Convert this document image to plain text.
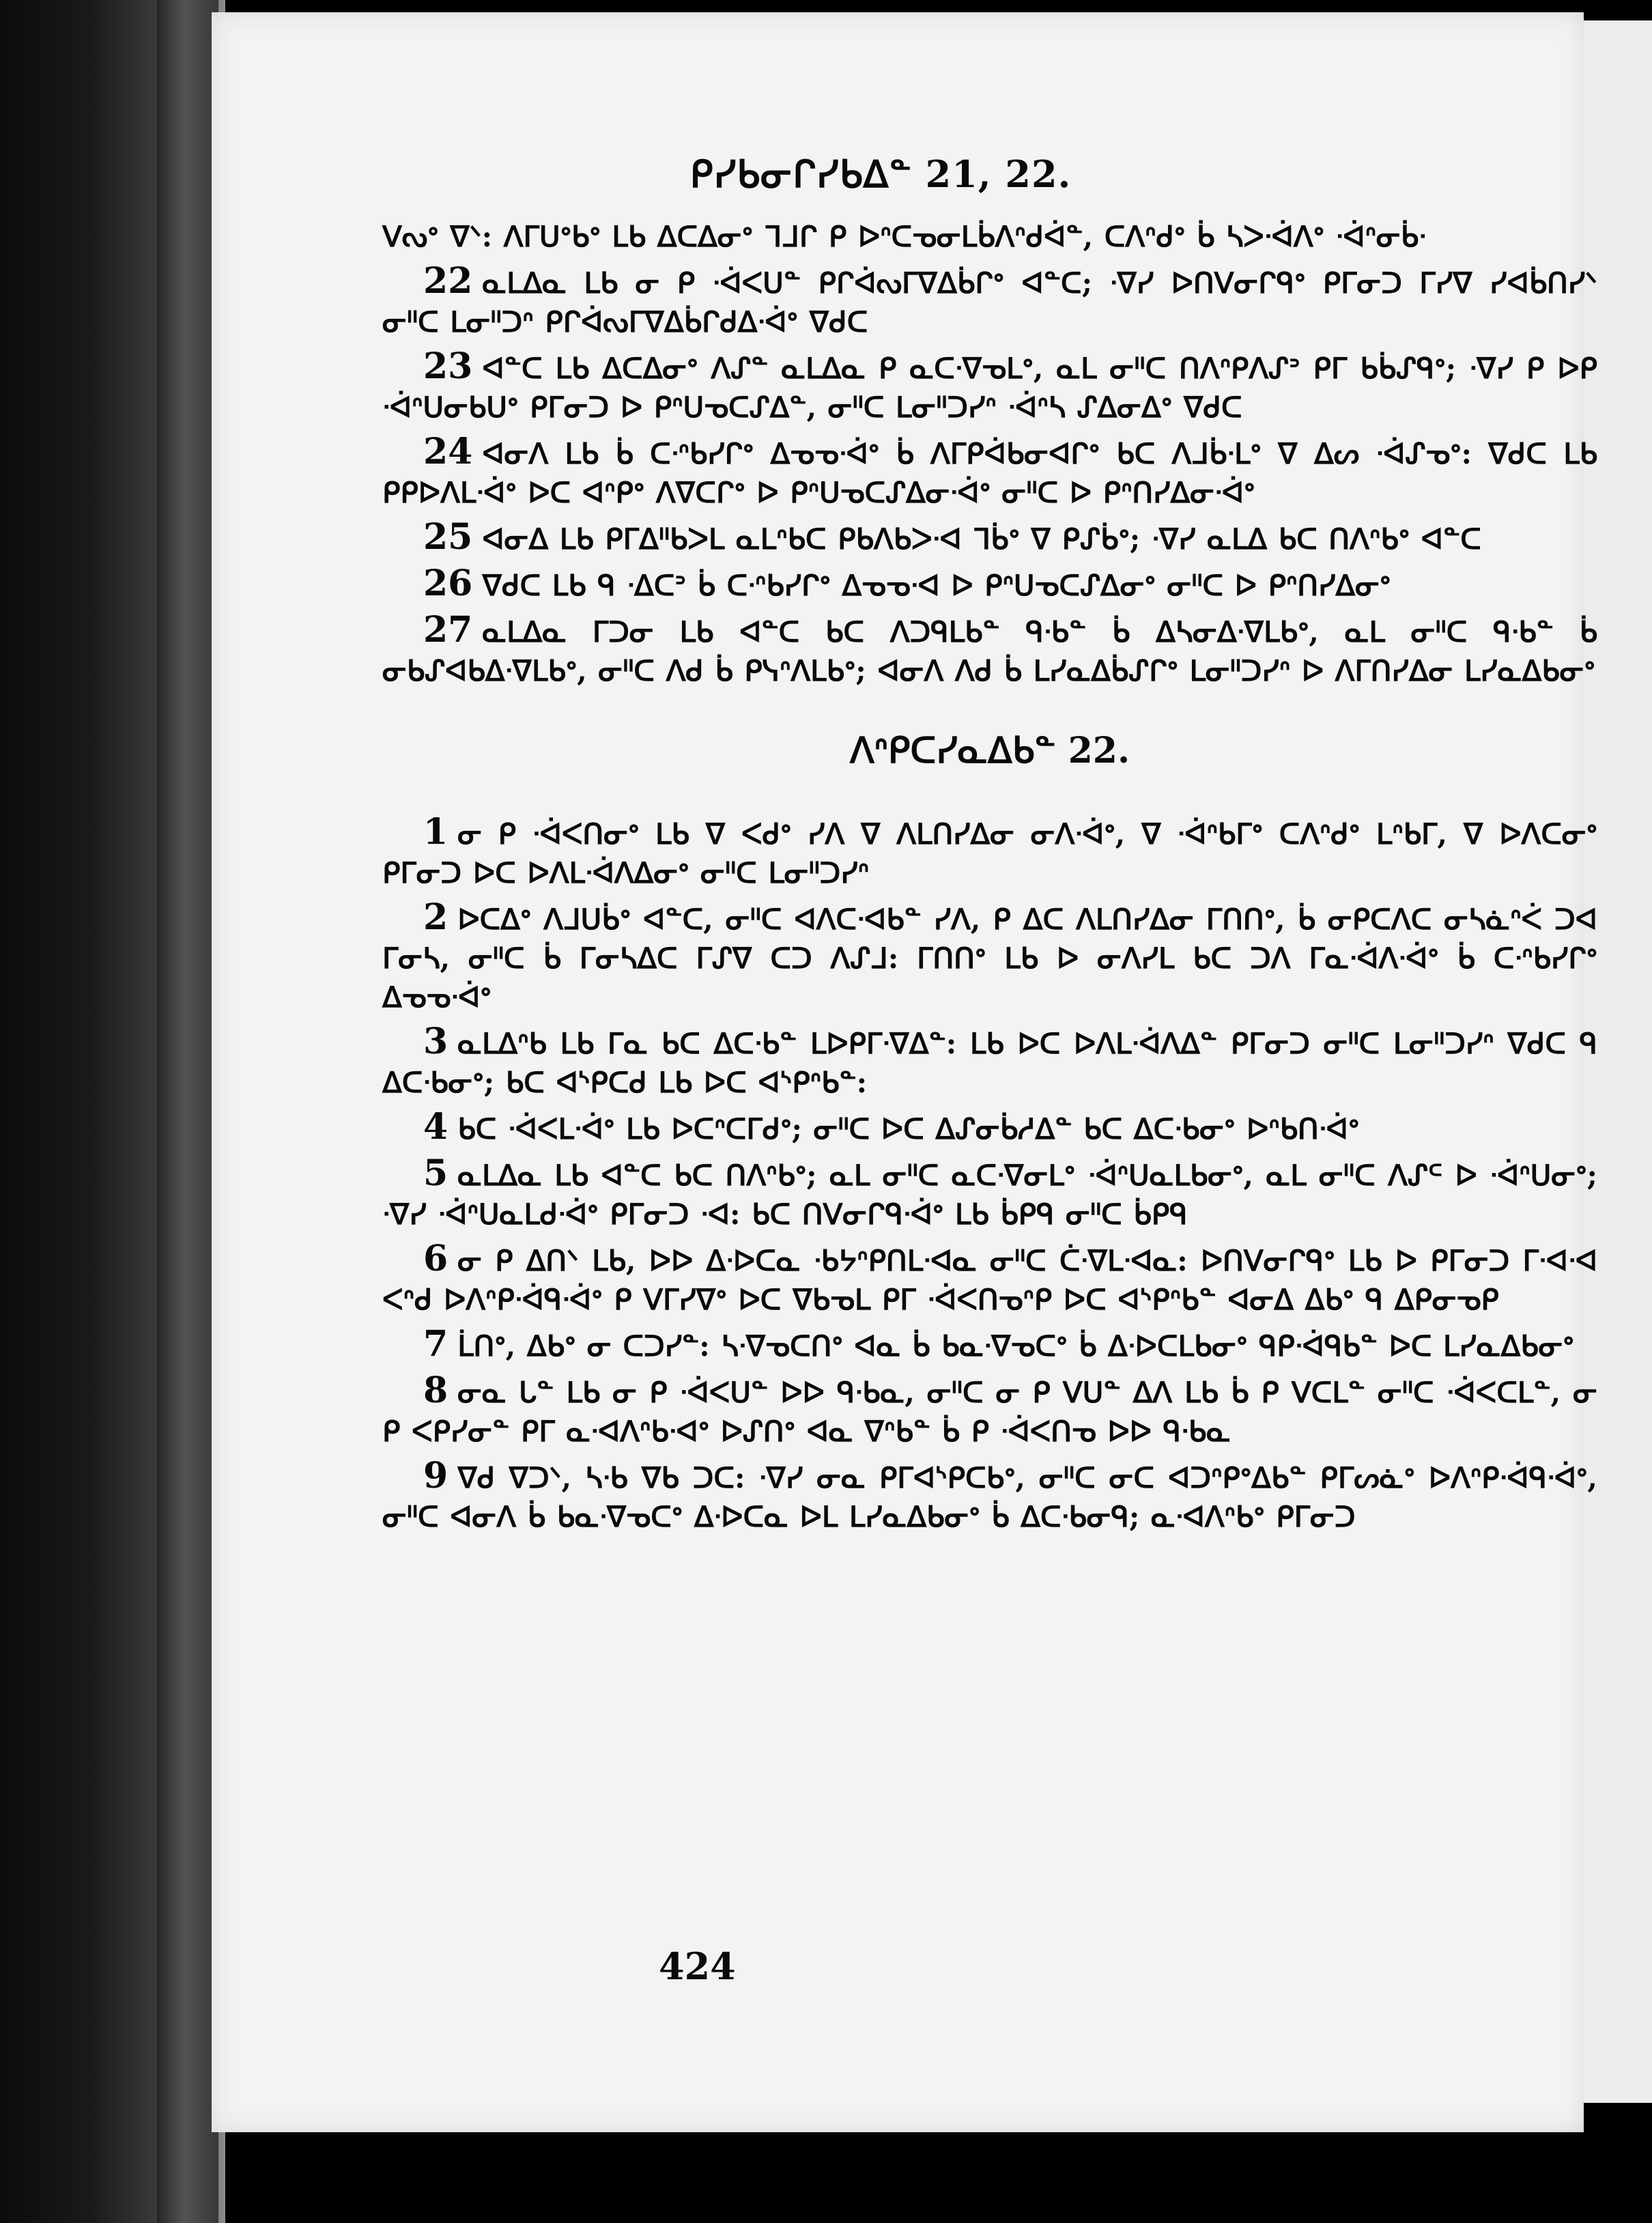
ᑭᓯᑲᓂᒋᓯᑲᐃᓐ 21, 22.

ᐯᔓᐤ ᐁᐠ: ᐱᒥᑌᐤᑲᐤ ᒪᑲ ᐃᑕᐃᓂᐤ ᒣᒧᒋ ᑭ ᐅᐢᑕᓀᓂᒪᑳᐱᐢᑯᐋᓐ, ᑕᐱᐢᑯᐤ ᑳ ᓴᐳᐧᐋᐱᐤ ᐧᐋᐢᓂᑳᐧ

22 ᓇᒪᐃᓇ ᒪᑲ ᓂ ᑭ ᐧᐋᐸᑌᓐ ᑭᒋᐋᔓᒥᐁᐃᑳᒋᐤ ᐊᓐᑕ; ᐧᐁᓯ ᐅᑎᐯᓂᒋᑫᐤ ᑭᒥᓂᑐ ᒥᓯᐁ ᓯᐊᑳᑎᓯᐠ ᓂᐦᑕ ᒪᓂᐦᑐᐢ ᑭᒋᐋᔓᒥᐁᐃᑳᒋᑯᐃᐧᐋᐤ ᐁᑯᑕ

23 ᐊᓐᑕ ᒪᑲ ᐃᑕᐃᓂᐤ ᐱᔑᓐ ᓇᒪᐃᓇ ᑭ ᓇᑕᐧᐁᓀᒪᐤ, ᓇᒪ ᓂᐦᑕ ᑎᐱᐢᑭᐱᔑᐣ ᑭᒥ ᑲᑳᔑᑫᐤ; ᐧᐁᓯ ᑭ ᐅᑭ ᐧᐋᐢᑌᓂᑲᑌᐤ ᑭᒥᓂᑐ ᐅ ᑭᐢᑌᓀᑕᔑᐃᓐ, ᓂᐦᑕ ᒪᓂᐦᑐᓯᐢ ᐧᐋᐢᓴ ᔑᐃᓂᐃᐤ ᐁᑯᑕ

24 ᐊᓂᐱ ᒪᑲ ᑳ ᑕᐧᐢᑲᓯᒋᐤ ᐃᓀᓀᐧᐋᐤ ᑳ ᐱᒥᑭᐋᑲᓂᐊᒋᐤ ᑲᑕ ᐱᒧᑳᐧᒪᐤ ᐁ ᐃᔕ ᐧᐋᔑᓀᐤ: ᐁᑯᑕ ᒪᑲ ᑭᑭᐅᐱᒪᐧᐋᐤ ᐅᑕ ᐊᐢᑭᐤ ᐱᐁᑕᒋᐤ ᐅ ᑭᐢᑌᓀᑕᔑᐃᓂᐧᐋᐤ ᓂᐦᑕ ᐅ ᑭᐢᑎᓯᐃᓂᐧᐋᐤ

25 ᐊᓂᐃ ᒪᑲ ᑭᒥᐃᐦᑲᐳᒪ ᓇᒪᐢᑲᑕ ᑭᑲᐱᑲᐳᐧᐊ ᒣᑳᐤ ᐁ ᑭᔑᑳᐤ; ᐧᐁᓯ ᓇᒪᐃ ᑲᑕ ᑎᐱᐢᑲᐤ ᐊᓐᑕ

26 ᐁᑯᑕ ᒪᑲ ᑫ ᐧᐃᑕᐣ ᑳ ᑕᐧᐢᑲᓯᒋᐤ ᐃᓀᓀᐧᐊ ᐅ ᑭᐢᑌᓀᑕᔑᐃᓂᐤ ᓂᐦᑕ ᐅ ᑭᐢᑎᓯᐃᓂᐤ

27 ᓇᒪᐃᓇ ᒥᑐᓂ ᒪᑲ ᐊᓐᑕ ᑲᑕ ᐱᑐᑫᒪᑲᓐ ᑫᐧᑲᓐ ᑳ ᐃᓴᓂᐃᐧᐁᒪᑲᐤ, ᓇᒪ ᓂᐦᑕ ᑫᐧᑲᓐ ᑳ ᓂᑲᔑᐊᑲᐃᐧᐁᒪᑲᐤ, ᓂᐦᑕ ᐱᑯ ᑳ ᑭᓭᐢᐱᒪᑲᐤ; ᐊᓂᐱ ᐱᑯ ᑳ ᒪᓯᓇᐃᑳᔑᒋᐤ ᒪᓂᐦᑐᓯᐢ ᐅ ᐱᒥᑎᓯᐃᓂ ᒪᓯᓇᐃᑲᓂᐤ

ᐱᐢᑭᑕᓯᓇᐃᑲᓐ 22.

1 ᓂ ᑭ ᐧᐋᐸᑎᓂᐤ ᒪᑲ ᐁ ᐸᑯᐤ ᓯᐱ ᐁ ᐱᒪᑎᓯᐃᓂ ᓂᐱᐧᐋᐤ, ᐁ ᐧᐋᐢᑲᒥᐤ ᑕᐱᐢᑯᐤ ᒪᐢᑲᒥ, ᐁ ᐅᐱᑕᓂᐤ ᑭᒥᓂᑐ ᐅᑕ ᐅᐱᒪᐧᐋᐱᐃᓂᐤ ᓂᐦᑕ ᒪᓂᐦᑐᓯᐢ

2 ᐅᑕᐃᐤ ᐱᒧᑌᑳᐤ ᐊᓐᑕ, ᓂᐦᑕ ᐊᐱᑕᐧᐊᑲᓐ ᓯᐱ, ᑭ ᐃᑕ ᐱᒪᑎᓯᐃᓂ ᒥᑎᑎᐤ, ᑳ ᓂᑭᑕᐱᑕ ᓂᓴᓈᐢᐹ ᑐᐊ ᒥᓂᓴ, ᓂᐦᑕ ᑳ ᒥᓂᓴᐃᑕ ᒥᔑᐁ ᑕᑐ ᐱᔑᒧ: ᒥᑎᑎᐤ ᒪᑲ ᐅ ᓂᐱᓯᒪ ᑲᑕ ᑐᐱ ᒥᓇᐧᐋᐱᐧᐋᐤ ᑳ ᑕᐧᐢᑲᓯᒋᐤ ᐃᓀᓀᐧᐋᐤ

3 ᓇᒪᐃᐢᑲ ᒪᑲ ᒥᓇ ᑲᑕ ᐃᑕᐧᑲᓐ ᒪᐅᑭᒥᐧᐁᐃᓐ: ᒪᑲ ᐅᑕ ᐅᐱᒪᐧᐋᐱᐃᓐ ᑭᒥᓂᑐ ᓂᐦᑕ ᒪᓂᐦᑐᓯᐢ ᐁᑯᑕ ᑫ ᐃᑕᐧᑲᓂᐤ; ᑲᑕ ᐊᔅᑭᑕᑯ ᒪᑲ ᐅᑕ ᐊᔅᑭᐢᑲᓐ:

4 ᑲᑕ ᐧᐋᐸᒪᐧᐋᐤ ᒪᑲ ᐅᑕᐢᑕᒥᑯᐤ; ᓂᐦᑕ ᐅᑕ ᐃᔑᓂᑳᓱᐃᓐ ᑲᑕ ᐃᑕᐧᑲᓂᐤ ᐅᐢᑲᑎᐧᐋᐤ

5 ᓇᒪᐃᓇ ᒪᑲ ᐊᓐᑕ ᑲᑕ ᑎᐱᐢᑲᐤ; ᓇᒪ ᓂᐦᑕ ᓇᑕᐧᐁᓂᒪᐤ ᐧᐋᐢᑌᓇᒪᑲᓂᐤ, ᓇᒪ ᓂᐦᑕ ᐱᔑᒼ ᐅ ᐧᐋᐢᑌᓂᐤ; ᐧᐁᓯ ᐧᐋᐢᑌᓇᒪᑯᐧᐋᐤ ᑭᒥᓂᑐ ᐧᐊ: ᑲᑕ ᑎᐯᓂᒋᑫᐧᐋᐤ ᒪᑲ ᑳᑭᑫ ᓂᐦᑕ ᑳᑭᑫ

6 ᓂ ᑭ ᐃᑎᐠ ᒪᑲ, ᐅᐅ ᐃᐧᐅᑕᓇ ᐧᑲᔭᐢᑭᑎᒪᐧᐊᓇ ᓂᐦᑕ ᑖᐧᐁᒪᐧᐊᓇ: ᐅᑎᐯᓂᒋᑫᐤ ᒪᑲ ᐅ ᑭᒥᓂᑐ ᒥᐧᐊᐧᐊ ᐸᐢᑯ ᐅᐱᐢᑭᐧᐋᑫᐧᐋᐤ ᑭ ᐯᒥᓯᐁᐤ ᐅᑕ ᐁᑲᓀᒪ ᑭᒥ ᐧᐋᐸᑎᓀᐢᑭ ᐅᑕ ᐊᔅᑭᐢᑲᓐ ᐊᓂᐃ ᐃᑲᐤ ᑫ ᐃᑭᓂᓀᑭ

7 ᒫᑎᐤ, ᐃᑲᐤ ᓂ ᑕᑐᓯᓐ: ᓴᐧᐁᓀᑕᑎᐤ ᐊᓇ ᑳ ᑲᓇᐧᐁᓀᑕᐤ ᑳ ᐃᐧᐅᑕᒪᑲᓂᐤ ᑫᑭᐧᐋᑫᑲᓐ ᐅᑕ ᒪᓯᓇᐃᑲᓂᐤ

8 ᓂᓇ ᒐᓐ ᒪᑲ ᓂ ᑭ ᐧᐋᐸᑌᓐ ᐅᐅ ᑫᐧᑲᓇ, ᓂᐦᑕ ᓂ ᑭ ᐯᑌᓐ ᐃᐱ ᒪᑲ ᑳ ᑭ ᐯᑕᒪᓐ ᓂᐦᑕ ᐧᐋᐸᑕᒪᓐ, ᓂ ᑭ ᐸᑭᓯᓂᓐ ᑭᒥ ᓇᐧᐊᐱᐢᑲᐧᐊᐤ ᐅᔑᑎᐤ ᐊᓇ ᐁᐢᑲᓐ ᑳ ᑭ ᐧᐋᐸᑎᓀ ᐅᐅ ᑫᐧᑲᓇ

9 ᐁᑯ ᐁᑐᐠ, ᓴᐧᑲ ᐁᑲ ᑐᑕ: ᐧᐁᓯ ᓂᓇ ᑭᒥᐊᔅᑭᑕᑲᐤ, ᓂᐦᑕ ᓂᑕ ᐊᑐᐢᑭᐤᐃᑲᓐ ᑭᒥᔕᓈᐤ ᐅᐱᐢᑭᐧᐋᑫᐧᐋᐤ, ᓂᐦᑕ ᐊᓂᐱ ᑳ ᑲᓇᐧᐁᓀᑕᐤ ᐃᐧᐅᑕᓇ ᐅᒪ ᒪᓯᓇᐃᑲᓂᐤ ᑳ ᐃᑕᐧᑲᓂᑫ; ᓇᐧᐊᐱᐢᑲᐤ ᑭᒥᓂᑐ

424
